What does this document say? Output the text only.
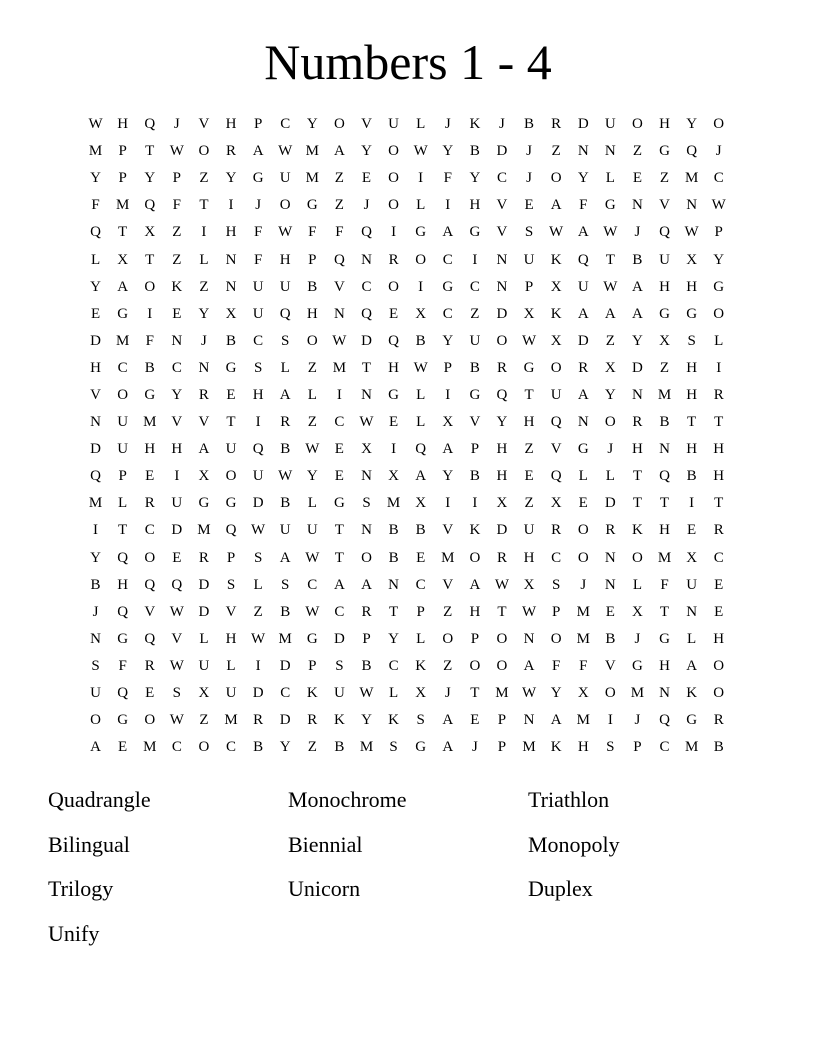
Numbers 1 - 4
W H	Q	J	V	H	P	C	Y	O	V	U	L	J	K	J	B	R	D	U	O	H	Y	O
M	P	T	W O	R	A W M	A	Y	O W Y	B	D	J	Z	N	N	Z	G	Q	J
Y	P	Y	P	Z	Y	G	U	M	Z	E	O	I	F	Y	C	J	O	Y	L	E	Z	M	C
F	M	Q	F	T	I	J	O	G	Z	J	O	L	I	H	V	E	A	F	G	N	V	N W
Q	T	X	Z	I	H	F	W	F	F	Q	I	G	A	G	V	S	W A W	J	Q W	P
L	X	T	Z	L	N	F	H	P	Q	N	R	O	C	I	N	U	K	Q	T	B	U	X	Y
Y	A	O	K	Z	N	U	U	B	V	C	O	I	G	C	N	P	X	U W A	H	H	G
E	G	I	E	Y	X	U	Q	H	N	Q	E	X	C	Z	D	X	K	A	A	A	G	G	O
D	M	F	N	J	B	C	S	O W D	Q	B	Y	U	O W X	D	Z	Y	X	S	L
H	C	B	C	N	G	S	L	Z	M	T	H W	P	B	R	G	O	R	X	D	Z	H	I
V	O	G	Y	R	E	H	A	L	I	N	G	L	I	G	Q	T	U	A	Y	N	M	H	R
N	U	M	V	V	T	I	R	Z	C	W	E	L	X	V	Y	H	Q	N	O	R	B	T	T
D	U	H	H	A	U	Q	B	W	E	X	I	Q	A	P	H	Z	V	G	J	H	N	H	H
Q	P	E	I	X	O	U W Y	E	N	X	A	Y	B	H	E	Q	L	L	T	Q	B	H
M	L	R	U	G	G	D	B	L	G	S	M	X	I	I	X	Z	X	E	D	T	T	I	T
I	T	C	D	M	Q W U	U	T	N	B	B	V	K	D	U	R	O	R	K	H	E	R
Y	Q	O	E	R	P	S	A W	T	O	B	E	M	O	R	H	C	O	N	O	M	X	C
B	H	Q	Q	D	S	L	S	C	A	A	N	C	V	A W X	S	J	N	L	F	U	E
J	Q	V W D	V	Z	B	W	C	R	T	P	Z	H	T	W	P	M	E	X	T	N	E
N	G	Q	V	L	H W M	G	D	P	Y	L	O	P	O	N	O	M	B	J	G	L	H
S	F	R	W U	L	I	D	P	S	B	C	K	Z	O	O	A	F	F	V	G	H	A	O
U	Q	E	S	X	U	D	C	K	U W	L	X	J	T	M W Y	X	O	M	N	K	O
O	G	O W	Z	M	R	D	R	K	Y	K	S	A	E	P	N	A	M	I	J	Q	G	R
A	E	M	C	O	C	B	Y	Z	B	M	S	G	A	J	P	M	K	H	S	P	C	M	B
Quadrangle	Monochrome	Triathlon
Bilingual	Biennial	Monopoly
Trilogy	Unicorn	Duplex
Unify
